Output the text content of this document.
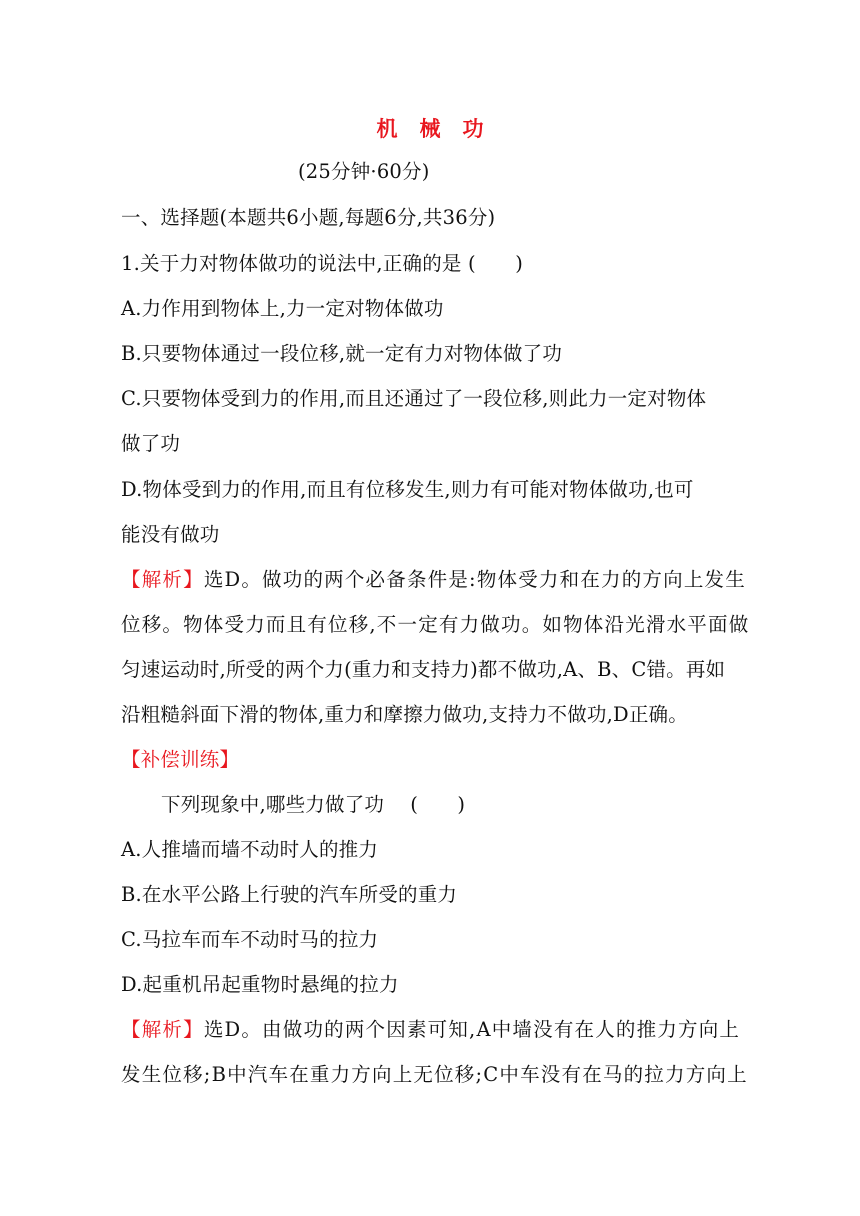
机 械 功
(25分钟·60分)
一、选择题(本题共6小题,每题6分,共36分)
1.关于力对物体做功的说法中,正确的是 (　　)
A.力作用到物体上,力一定对物体做功
B.只要物体通过一段位移,就一定有力对物体做了功
C.只要物体受到力的作用,而且还通过了一段位移,则此力一定对物体
做了功
D.物体受到力的作用,而且有位移发生,则力有可能对物体做功,也可
能没有做功
【解析】选D。做功的两个必备条件是:物体受力和在力的方向上发生
位移。物体受力而且有位移,不一定有力做功。如物体沿光滑水平面做
匀速运动时,所受的两个力(重力和支持力)都不做功,A、B、C错。再如
沿粗糙斜面下滑的物体,重力和摩擦力做功,支持力不做功,D正确。
【补偿训练】
下列现象中,哪些力做了功　 (　　)
A.人推墙而墙不动时人的推力
B.在水平公路上行驶的汽车所受的重力
C.马拉车而车不动时马的拉力
D.起重机吊起重物时悬绳的拉力
【解析】选D。由做功的两个因素可知,A中墙没有在人的推力方向上
发生位移;B中汽车在重力方向上无位移;C中车没有在马的拉力方向上
